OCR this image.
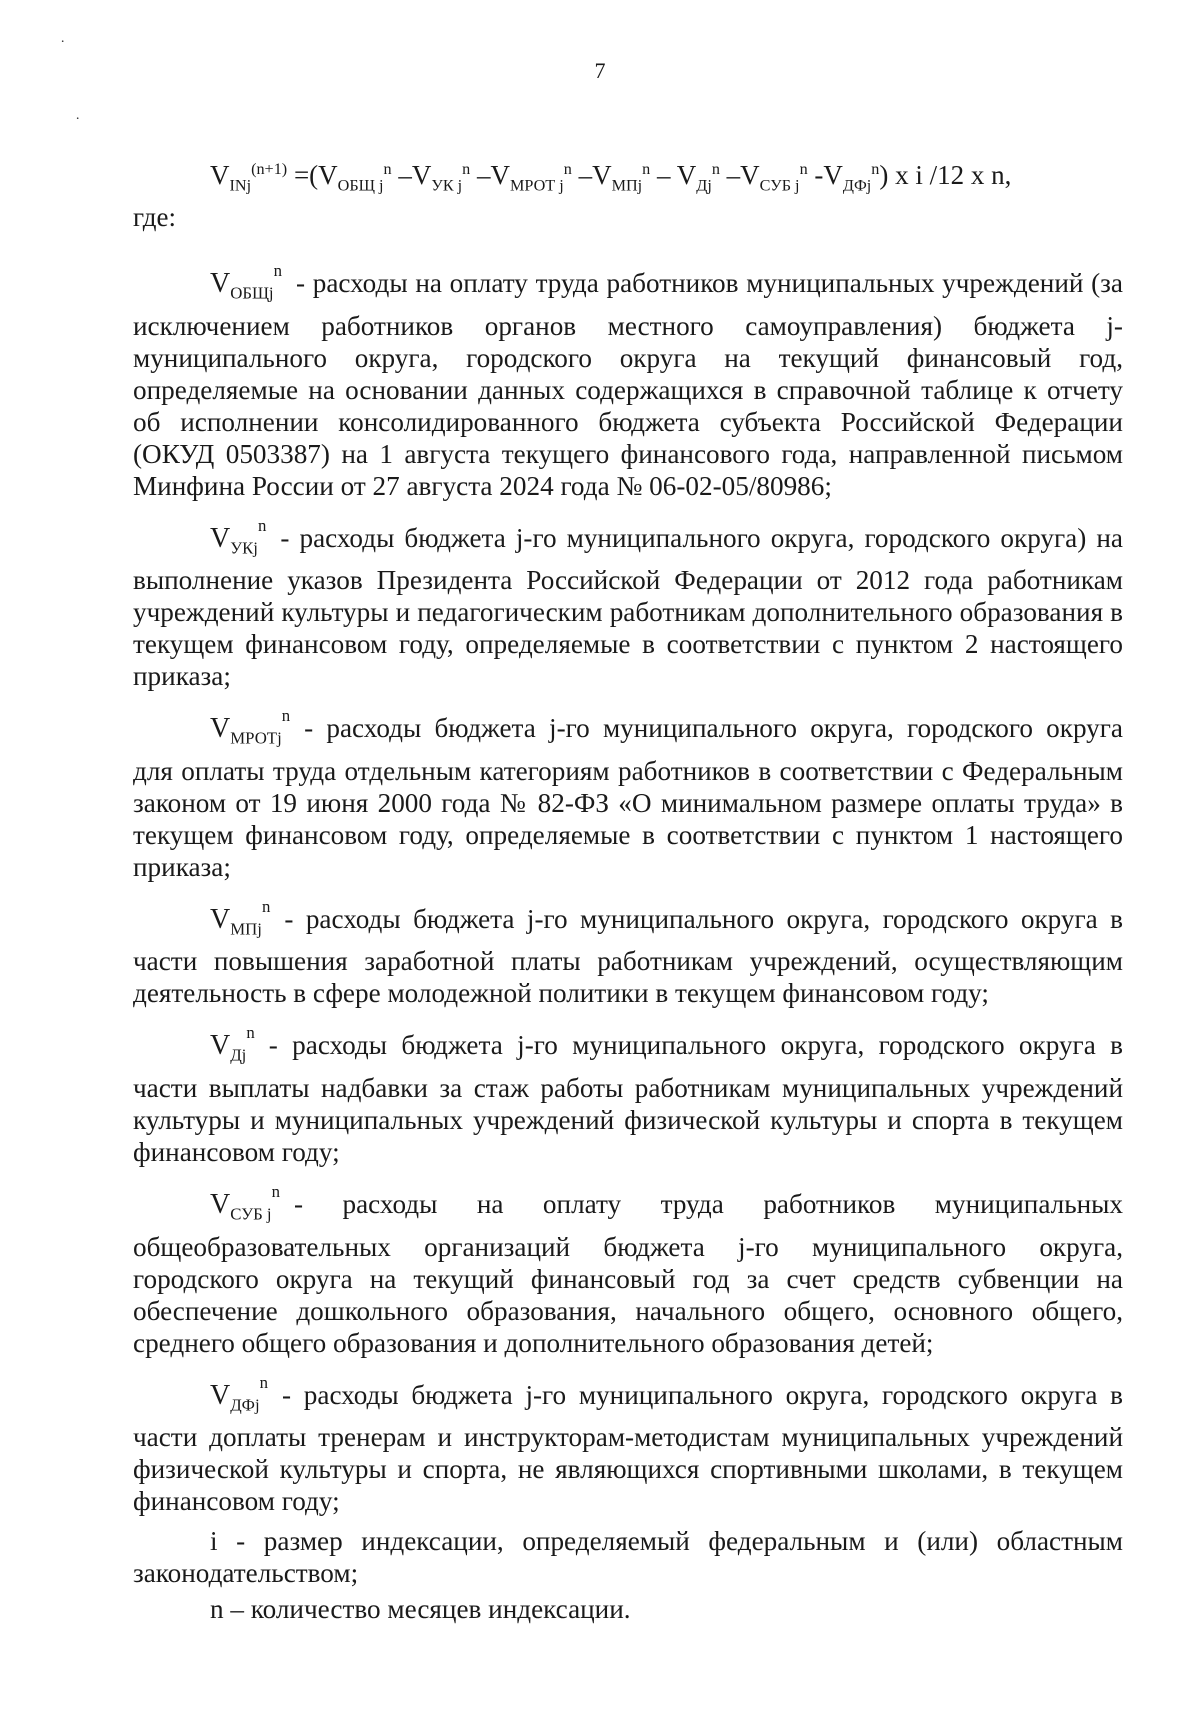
7
˙
˙
$V_{INj}^{(n+1)} =(V_{ОБЩ j}^n$ $-V_{УК j}^n$ $-V_{МРОТ j}^n$ $-V_{МПj}^n - V_{Дj}^n$ $-V_{СУБ j}^n$ $-V_{ДФj}^n$) x i /12 x n,
где:

$V_{ОБЩj}^n$ - расходы на оплату труда работников муниципальных учреждений (за исключением работников органов местного самоуправления) бюджета j-муниципального округа, городского округа на текущий финансовый год, определяемые на основании данных содержащихся в справочной таблице к отчету об исполнении консолидированного бюджета субъекта Российской Федерации (ОКУД 0503387) на 1 августа текущего финансового года, направленной письмом Минфина России от 27 августа 2024 года № 06-02-05/80986;

$V_{УКj}^n$ - расходы бюджета j-го муниципального округа, городского округа) на выполнение указов Президента Российской Федерации от 2012 года работникам учреждений культуры и педагогическим работникам дополнительного образования в текущем финансовом году, определяемые в соответствии с пунктом 2 настоящего приказа;

$V_{МРОТj}^n$ - расходы бюджета j-го муниципального округа, городского округа для оплаты труда отдельным категориям работников в соответствии с Федеральным законом от 19 июня 2000 года № 82-ФЗ «О минимальном размере оплаты труда» в текущем финансовом году, определяемые в соответствии с пунктом 1 настоящего приказа;

$V_{МПj}^n$ - расходы бюджета j-го муниципального округа, городского округа в части повышения заработной платы работникам учреждений, осуществляющим деятельность в сфере молодежной политики в текущем финансовом году;

$V_{Дj}^n$ - расходы бюджета j-го муниципального округа, городского округа в части выплаты надбавки за стаж работы работникам муниципальных учреждений культуры и муниципальных учреждений физической культуры и спорта в текущем финансовом году;

$V_{СУБ j}^n$ - расходы на оплату труда работников муниципальных общеобразовательных организаций бюджета j-го муниципального округа, городского округа на текущий финансовый год за счет средств субвенции на обеспечение дошкольного образования, начального общего, основного общего, среднего общего образования и дополнительного образования детей;

$V_{ДФj}^n$ - расходы бюджета j-го муниципального округа, городского округа в части доплаты тренерам и инструкторам-методистам муниципальных учреждений физической культуры и спорта, не являющихся спортивными школами, в текущем финансовом году;

i - размер индексации, определяемый федеральным и (или) областным законодательством;

n – количество месяцев индексации.
